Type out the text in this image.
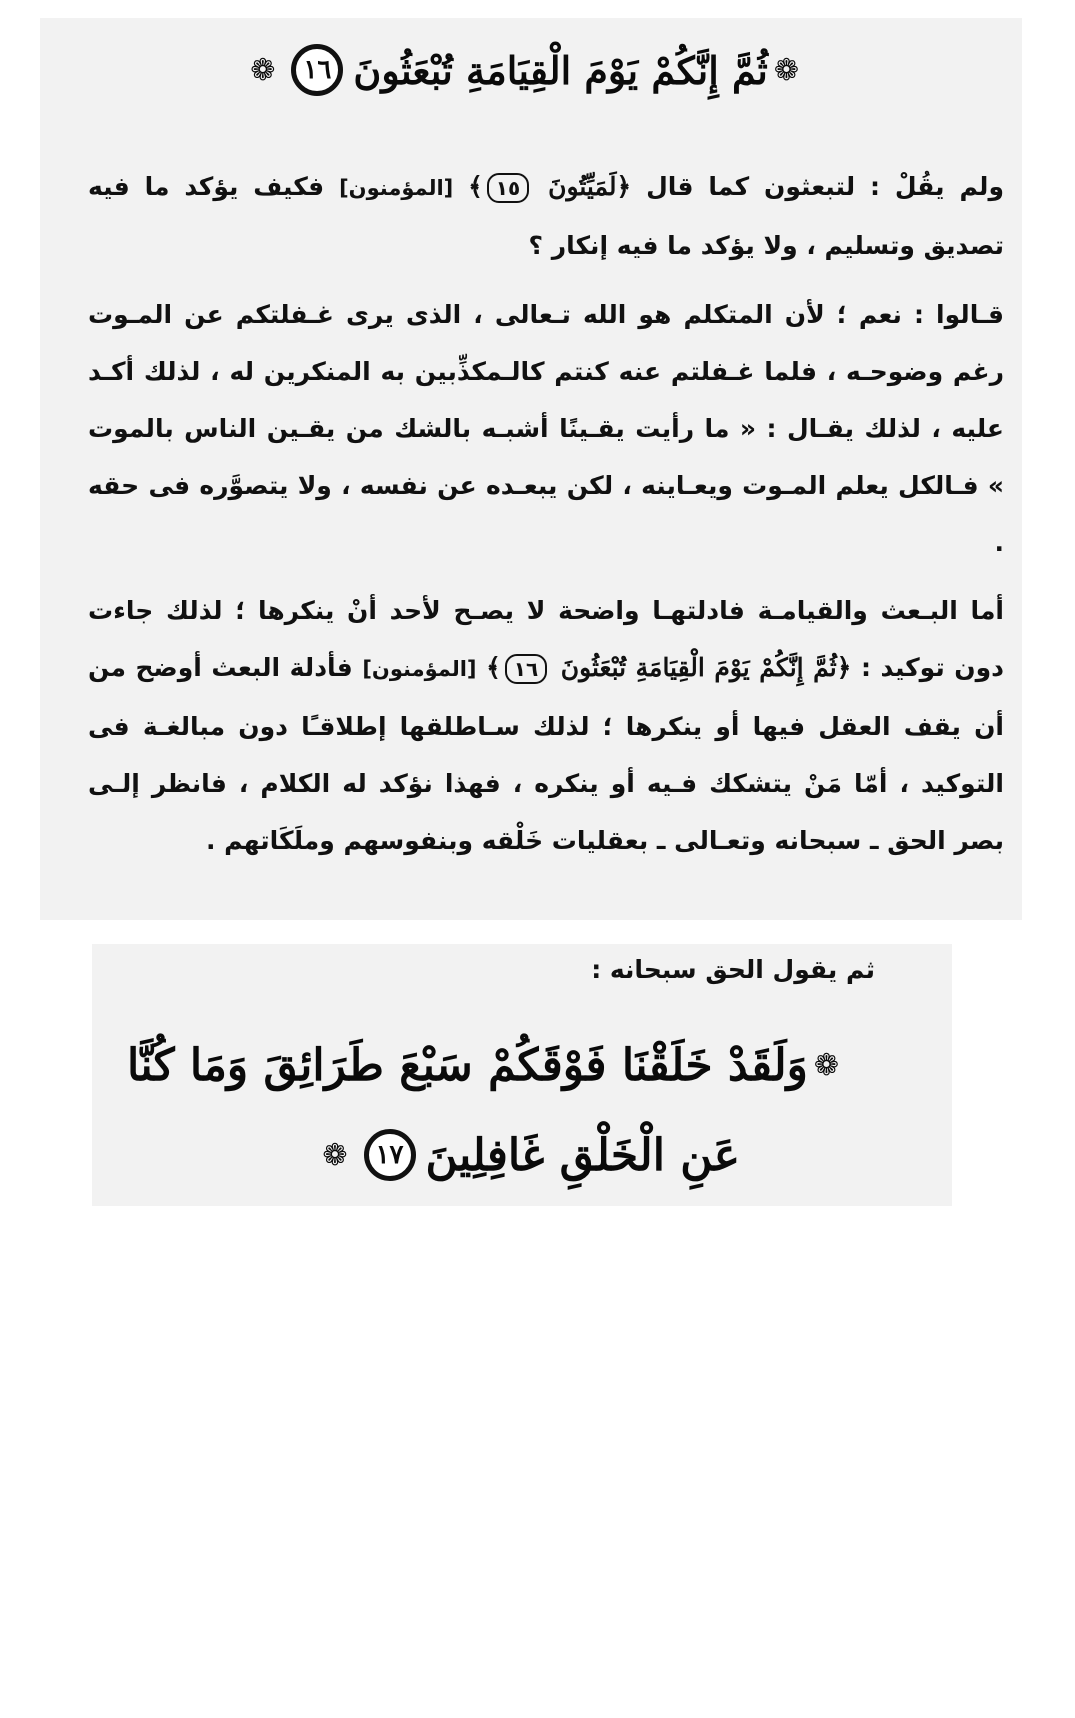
❁
ثُمَّ إِنَّكُمْ يَوْمَ الْقِيَامَةِ تُبْعَثُونَ
١٦
❁

ولم يقُلْ : لتبعثون كما قال ﴿لَمَيِّتُونَ ١٥﴾ [المؤمنون] فكيف يؤكد ما فيه تصديق وتسليم ، ولا يؤكد ما فيه إنكار ؟

قـالوا : نعم ؛ لأن المتكلم هو الله تـعالى ، الذى يرى غـفلتكم عن المـوت رغم وضوحـه ، فلما غـفلتم عنه كنتم كالـمكذِّبين به المنكرين له ، لذلك أكـد عليه ، لذلك يقـال : « ما رأيت يقـينًا أشبـه بالشك من يقـين الناس بالموت » فـالكل يعلم المـوت ويعـاينه ، لكن يبعـده عن نفسه ، ولا يتصوَّره فى حقه .

أما البـعث والقيامـة فادلتهـا واضحة لا يصـح لأحد أنْ ينكرها ؛ لذلك جاءت دون توكيد : ﴿ثُمَّ إِنَّكُمْ يَوْمَ الْقِيَامَةِ تُبْعَثُونَ ١٦﴾ [المؤمنون] فأدلة البعث أوضح من أن يقف العقل فيها أو ينكرها ؛ لذلك سـاطلقها إطلاقـًا دون مبالغـة فى التوكيد ، أمّا مَنْ يتشكك فـيه أو ينكره ، فهذا نؤكد له الكلام ، فانظر إلـى بصر الحق ـ سبحانه وتعـالى ـ بعقليات خَلْقه وبنفوسهم وملَكَاتهم .

ثم يقول الحق سبحانه :
❁
وَلَقَدْ خَلَقْنَا فَوْقَكُمْ سَبْعَ طَرَائِقَ وَمَا كُنَّا
عَنِ الْخَلْقِ غَافِلِينَ
١٧
❁
